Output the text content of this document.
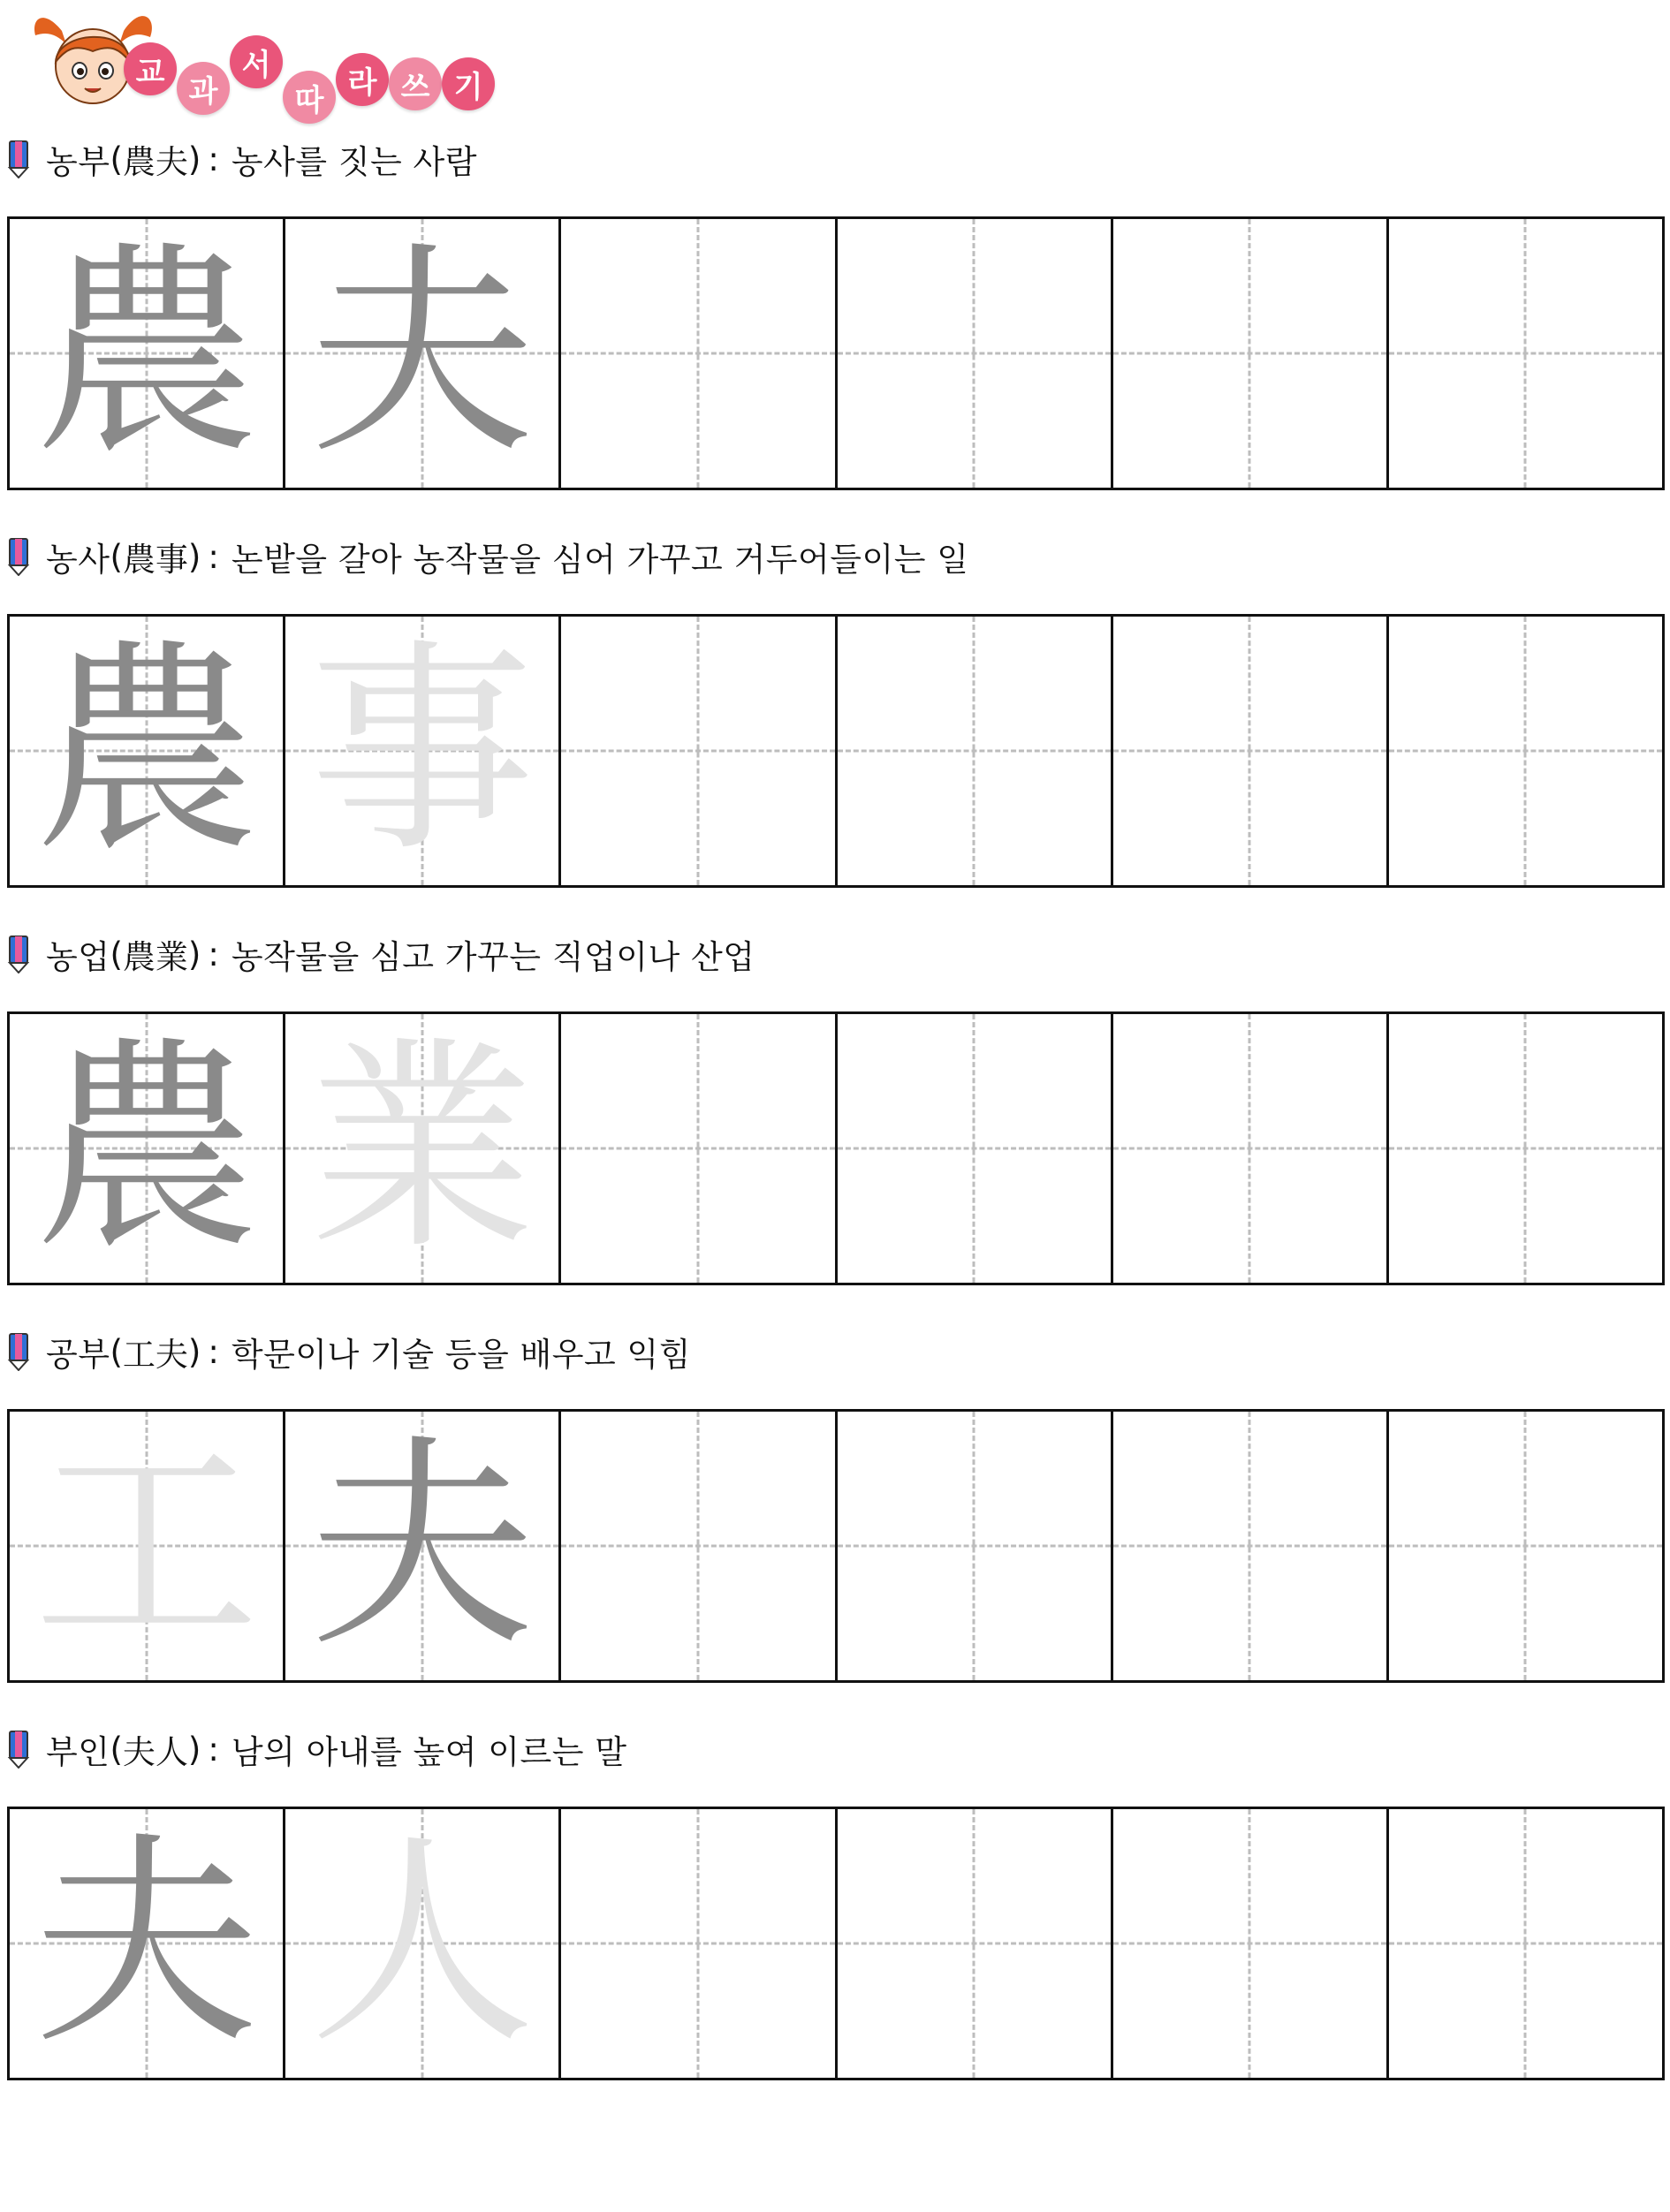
교
과
서
따 라 쓰 기
농부 ( 農夫 ) : 농사를 짓는 사람
農 夫
농사 ( 農事 ) : 논밭을 갈아 농작물을 심어 가꾸고 거두어들이는 일
農 事
농업 ( 農業 ) : 농작물을 심고 가꾸는 직업이나 산업
農 業
공부 ( 工夫 ) : 학문이나 기술 등을 배우고 익힘
工 夫
부인 ( 夫人 ) : 남의 아내를 높여 이르는 말
夫 人
